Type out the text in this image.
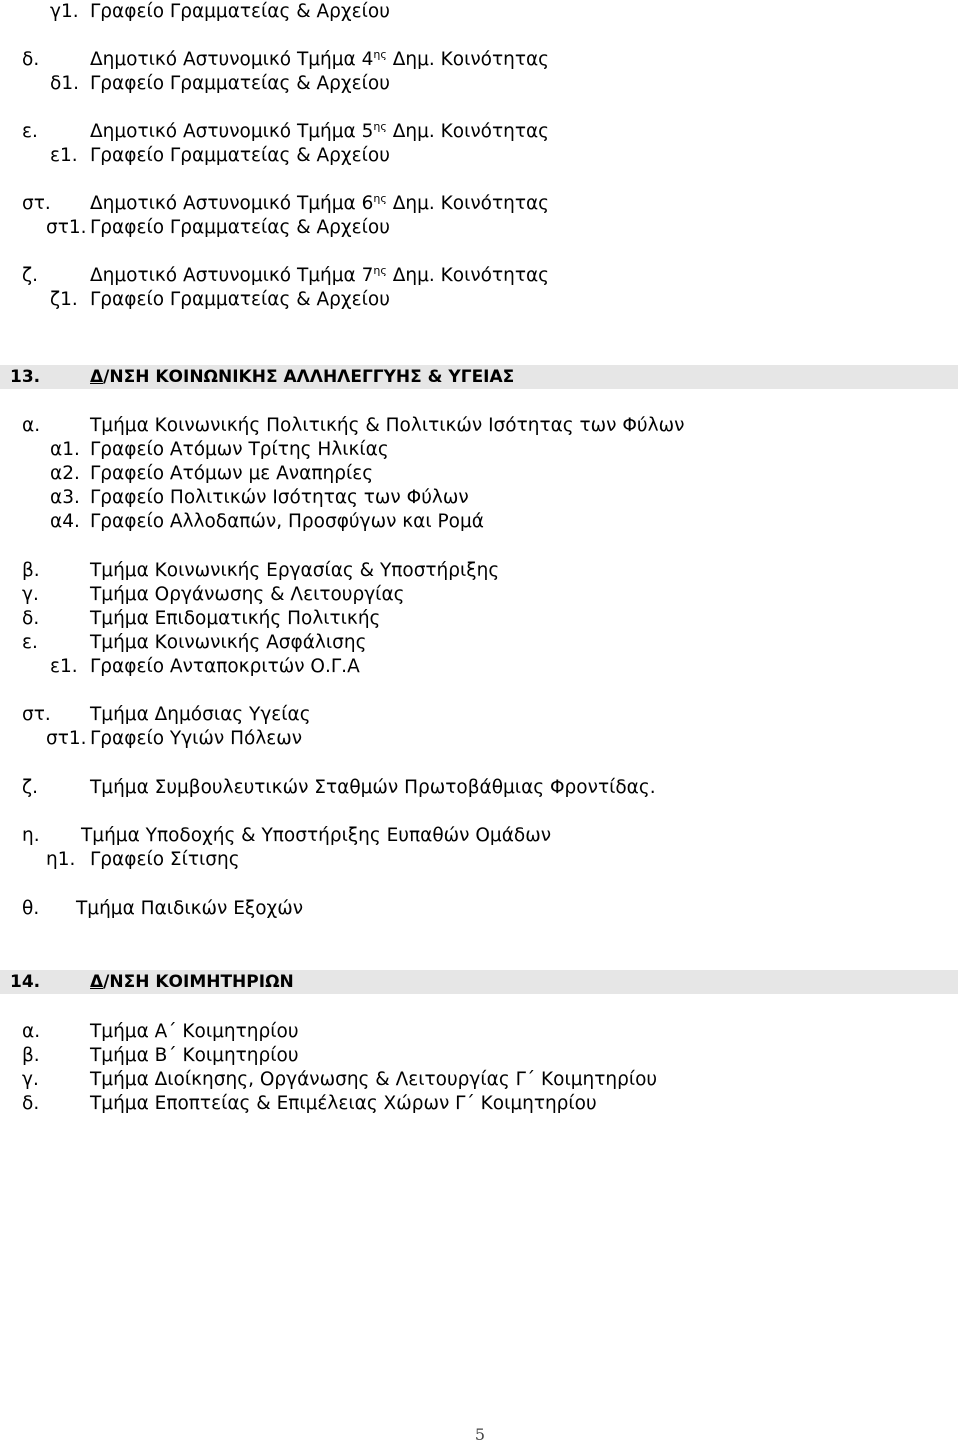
γ1. Γραφείο Γραμματείας & Αρχείου
δ.	Δημοτικό Αστυνομικό Τμήμα $4^{\eta\varsigma}$ Δημ. Κοινότητας
δ1. Γραφείο Γραμματείας & Αρχείου
ε.	Δημοτικό Αστυνομικό Τμήμα $5^{\eta\varsigma}$ Δημ. Κοινότητας
ε1. Γραφείο Γραμματείας & Αρχείου
στ. Δημοτικό Αστυνομικό Τμήμα $6^{\eta\varsigma}$ Δημ. Κοινότητας
στ1. Γραφείο Γραμματείας & Αρχείου
ζ.	Δημοτικό Αστυνομικό Τμήμα $7^{\eta\varsigma}$ Δημ. Κοινότητας
ζ1. Γραφείο Γραμματείας & Αρχείου
13.	Δ/ΝΣΗ ΚΟΙΝΩΝΙΚΗΣ ΑΛΛΗΛΕΓΓΥΗΣ & ΥΓΕΙΑΣ
α.	Τμήμα Κοινωνικής Πολιτικής & Πολιτικών Ισότητας των Φύλων
α1. Γραφείο Ατόμων Τρίτης Ηλικίας
α2. Γραφείο Ατόμων με Αναπηρίες
α3. Γραφείο Πολιτικών Ισότητας των Φύλων
α4. Γραφείο Αλλοδαπών, Προσφύγων και Ρομά
β.	Τμήμα Κοινωνικής Εργασίας & Υποστήριξης
γ.	Τμήμα Οργάνωσης & Λειτουργίας
δ.	Τμήμα Επιδοματικής Πολιτικής
ε.	Τμήμα Κοινωνικής Ασφάλισης
ε1. Γραφείο Ανταποκριτών Ο.Γ.Α
στ. Τμήμα Δημόσιας Υγείας
στ1. Γραφείο Υγιών Πόλεων
ζ.	Τμήμα Συμβουλευτικών Σταθμών Πρωτοβάθμιας Φροντίδας.
η. Τμήμα Υποδοχής & Υποστήριξης Ευπαθών Ομάδων
η1. Γραφείο Σίτισης
θ. Τμήμα Παιδικών Εξοχών
14.	Δ/ΝΣΗ ΚΟΙΜΗΤΗΡΙΩΝ
α.	Τμήμα Α΄ Κοιμητηρίου
β.	Τμήμα Β΄ Κοιμητηρίου
γ.	Τμήμα Διοίκησης, Οργάνωσης & Λειτουργίας Γ΄ Κοιμητηρίου
δ.	Τμήμα Εποπτείας & Επιμέλειας Χώρων Γ΄ Κοιμητηρίου
5
